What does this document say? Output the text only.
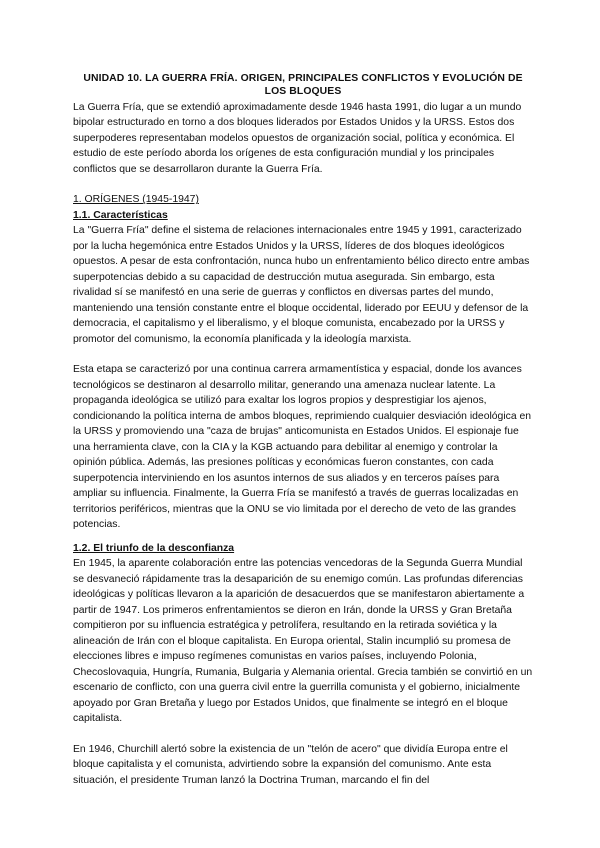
UNIDAD 10. LA GUERRA FRÍA. ORIGEN, PRINCIPALES CONFLICTOS Y EVOLUCIÓN DE LOS BLOQUES

La Guerra Fría, que se extendió aproximadamente desde 1946 hasta 1991, dio lugar a un mundo bipolar estructurado en torno a dos bloques liderados por Estados Unidos y la URSS. Estos dos superpoderes representaban modelos opuestos de organización social, política y económica. El estudio de este período aborda los orígenes de esta configuración mundial y los principales conflictos que se desarrollaron durante la Guerra Fría.

1. ORÍGENES (1945-1947)
1.1. Características

La "Guerra Fría" define el sistema de relaciones internacionales entre 1945 y 1991, caracterizado por la lucha hegemónica entre Estados Unidos y la URSS, líderes de dos bloques ideológicos opuestos. A pesar de esta confrontación, nunca hubo un enfrentamiento bélico directo entre ambas superpotencias debido a su capacidad de destrucción mutua asegurada. Sin embargo, esta rivalidad sí se manifestó en una serie de guerras y conflictos en diversas partes del mundo, manteniendo una tensión constante entre el bloque occidental, liderado por EEUU y defensor de la democracia, el capitalismo y el liberalismo, y el bloque comunista, encabezado por la URSS y promotor del comunismo, la economía planificada y la ideología marxista.

Esta etapa se caracterizó por una continua carrera armamentística y espacial, donde los avances tecnológicos se destinaron al desarrollo militar, generando una amenaza nuclear latente. La propaganda ideológica se utilizó para exaltar los logros propios y desprestigiar los ajenos, condicionando la política interna de ambos bloques, reprimiendo cualquier desviación ideológica en la URSS y promoviendo una "caza de brujas" anticomunista en Estados Unidos. El espionaje fue una herramienta clave, con la CIA y la KGB actuando para debilitar al enemigo y controlar la opinión pública. Además, las presiones políticas y económicas fueron constantes, con cada superpotencia interviniendo en los asuntos internos de sus aliados y en terceros países para ampliar su influencia. Finalmente, la Guerra Fría se manifestó a través de guerras localizadas en territorios periféricos, mientras que la ONU se vio limitada por el derecho de veto de las grandes potencias.

1.2. El triunfo de la desconfianza

En 1945, la aparente colaboración entre las potencias vencedoras de la Segunda Guerra Mundial se desvaneció rápidamente tras la desaparición de su enemigo común. Las profundas diferencias ideológicas y políticas llevaron a la aparición de desacuerdos que se manifestaron abiertamente a partir de 1947. Los primeros enfrentamientos se dieron en Irán, donde la URSS y Gran Bretaña compitieron por su influencia estratégica y petrolífera, resultando en la retirada soviética y la alineación de Irán con el bloque capitalista. En Europa oriental, Stalin incumplió su promesa de elecciones libres e impuso regímenes comunistas en varios países, incluyendo Polonia, Checoslovaquia, Hungría, Rumania, Bulgaria y Alemania oriental. Grecia también se convirtió en un escenario de conflicto, con una guerra civil entre la guerrilla comunista y el gobierno, inicialmente apoyado por Gran Bretaña y luego por Estados Unidos, que finalmente se integró en el bloque capitalista.

En 1946, Churchill alertó sobre la existencia de un "telón de acero" que dividía Europa entre el bloque capitalista y el comunista, advirtiendo sobre la expansión del comunismo. Ante esta situación, el presidente Truman lanzó la Doctrina Truman, marcando el fin del
